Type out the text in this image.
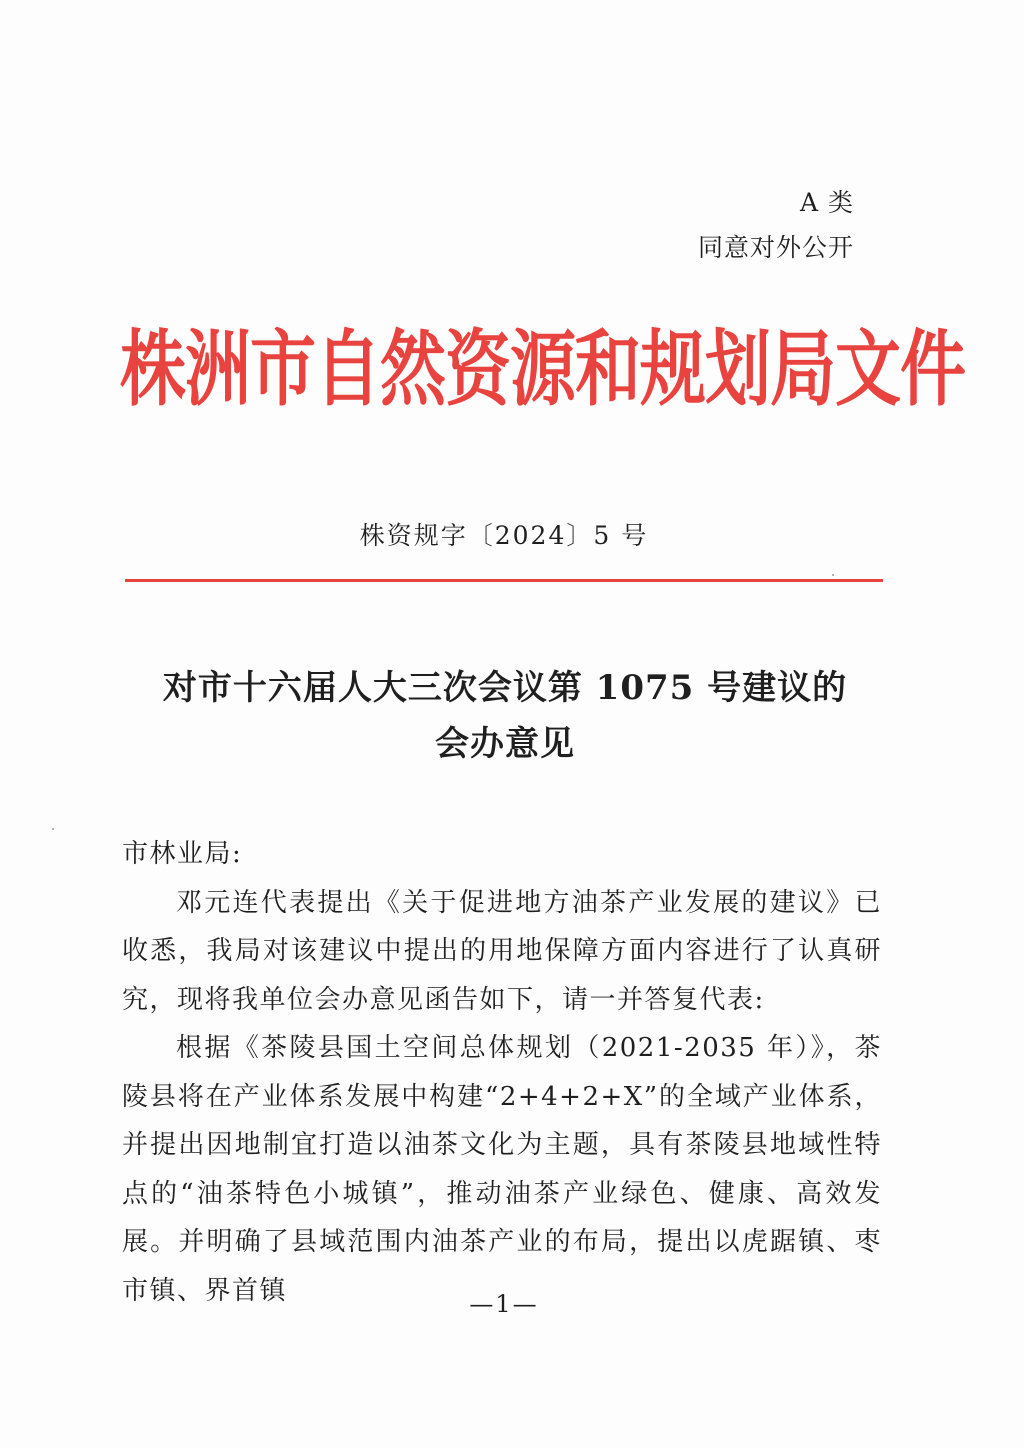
A 类
同意对外公开
株洲市自然资源和规划局文件
株资规字〔2024〕5 号
对市十六届人大三次会议第 1075 号建议的
会办意见

市林业局:

邓元连代表提出《关于促进地方油茶产业发展的建议》已收悉，我局对该建议中提出的用地保障方面内容进行了认真研究，现将我单位会办意见函告如下，请一并答复代表:

根据《茶陵县国土空间总体规划（2021-2035 年）》，茶陵县将在产业体系发展中构建“2+4+2+X”的全域产业体系，并提出因地制宜打造以油茶文化为主题，具有茶陵县地域性特点的“油茶特色小城镇”，推动油茶产业绿色、健康、高效发展。并明确了县域范围内油茶产业的布局，提出以虎踞镇、枣市镇、界首镇	—1—
